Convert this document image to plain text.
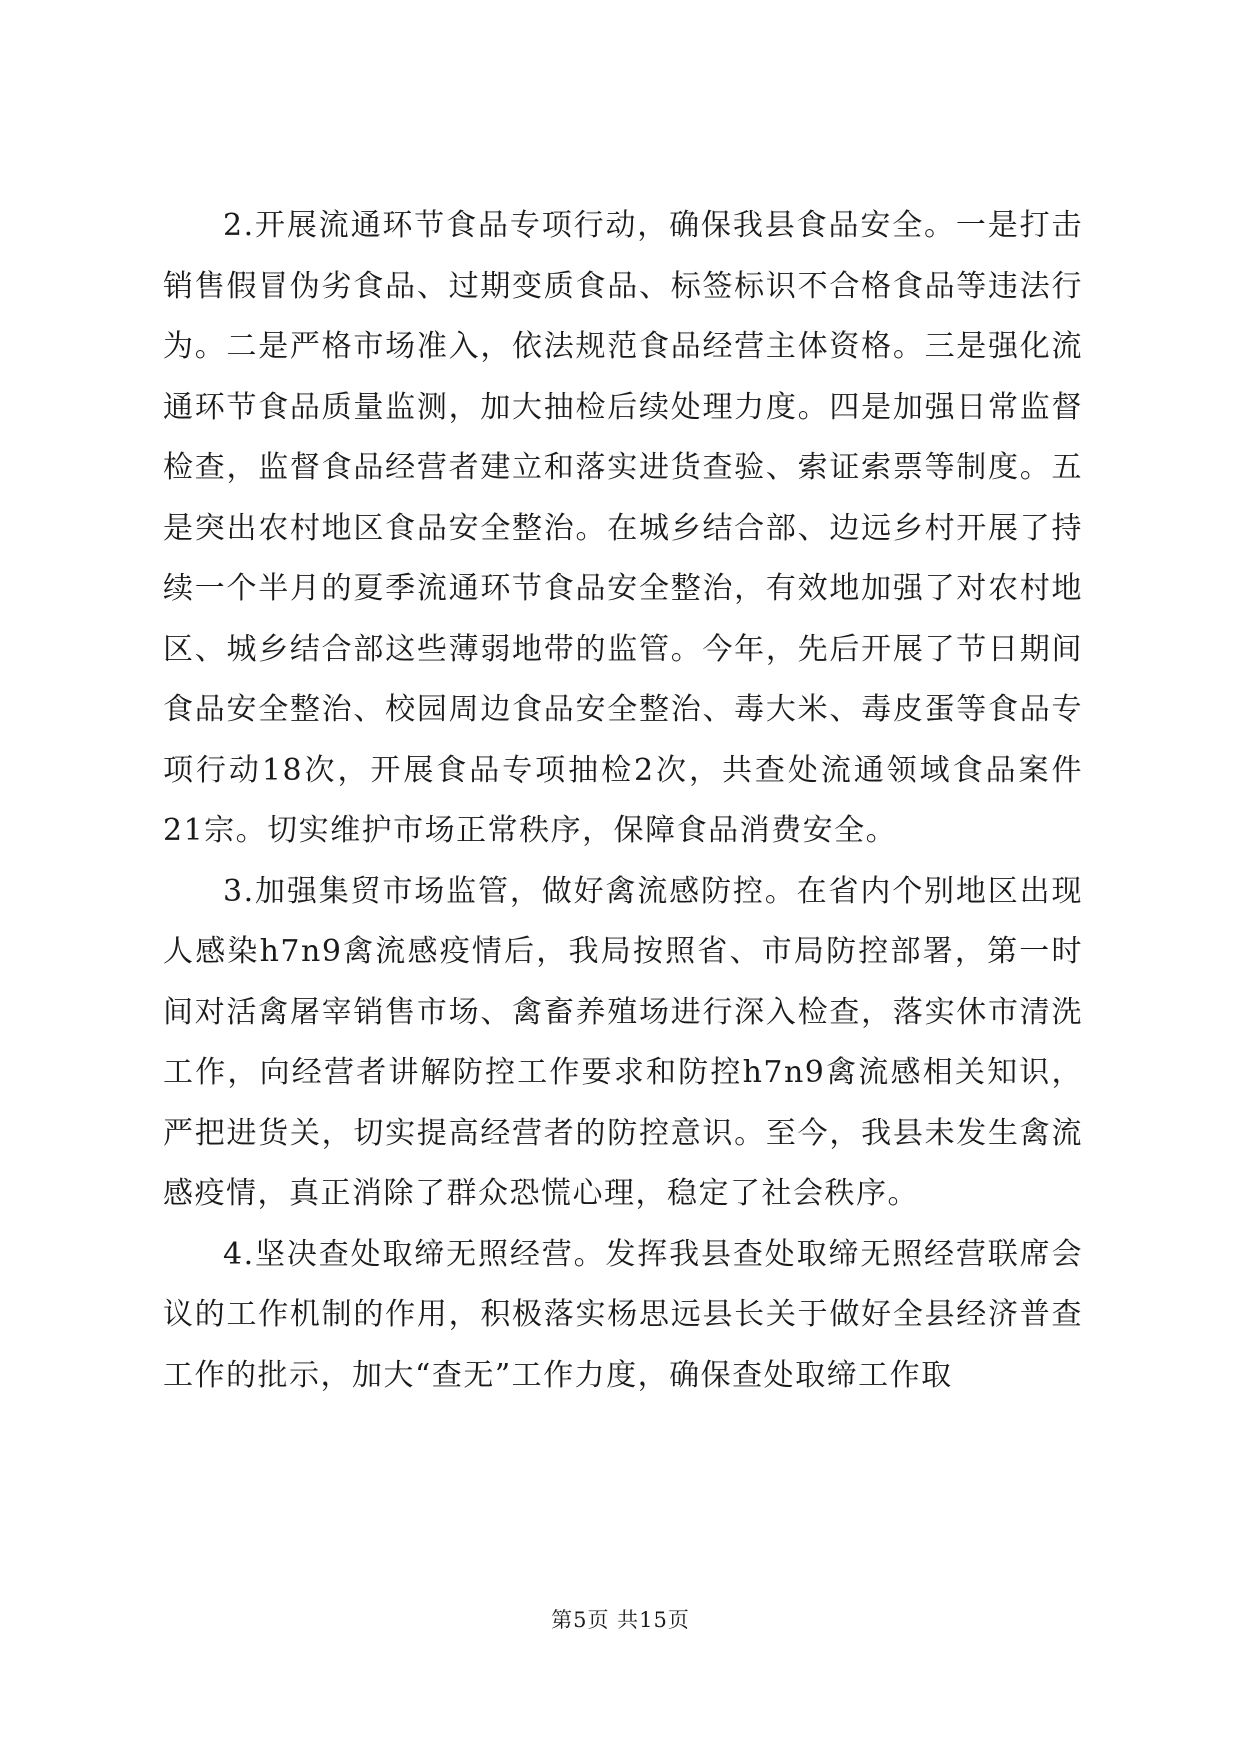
2.开展流通环节食品专项行动，确保我县食品安全。一是打击销售假冒伪劣食品、过期变质食品、标签标识不合格食品等违法行为。二是严格市场准入，依法规范食品经营主体资格。三是强化流通环节食品质量监测，加大抽检后续处理力度。四是加强日常监督检查，监督食品经营者建立和落实进货查验、索证索票等制度。五是突出农村地区食品安全整治。在城乡结合部、边远乡村开展了持续一个半月的夏季流通环节食品安全整治，有效地加强了对农村地区、城乡结合部这些薄弱地带的监管。今年，先后开展了节日期间食品安全整治、校园周边食品安全整治、毒大米、毒皮蛋等食品专项行动18次，开展食品专项抽检2次，共查处流通领域食品案件21宗。切实维护市场正常秩序，保障食品消费安全。

3.加强集贸市场监管，做好禽流感防控。在省内个别地区出现人感染h7n9禽流感疫情后，我局按照省、市局防控部署，第一时间对活禽屠宰销售市场、禽畜养殖场进行深入检查，落实休市清洗工作，向经营者讲解防控工作要求和防控h7n9禽流感相关知识，严把进货关，切实提高经营者的防控意识。至今，我县未发生禽流感疫情，真正消除了群众恐慌心理，稳定了社会秩序。

4.坚决查处取缔无照经营。发挥我县查处取缔无照经营联席会议的工作机制的作用，积极落实杨思远县长关于做好全县经济普查工作的批示，加大“查无”工作力度，确保查处取缔工作取

第5页 共15页
